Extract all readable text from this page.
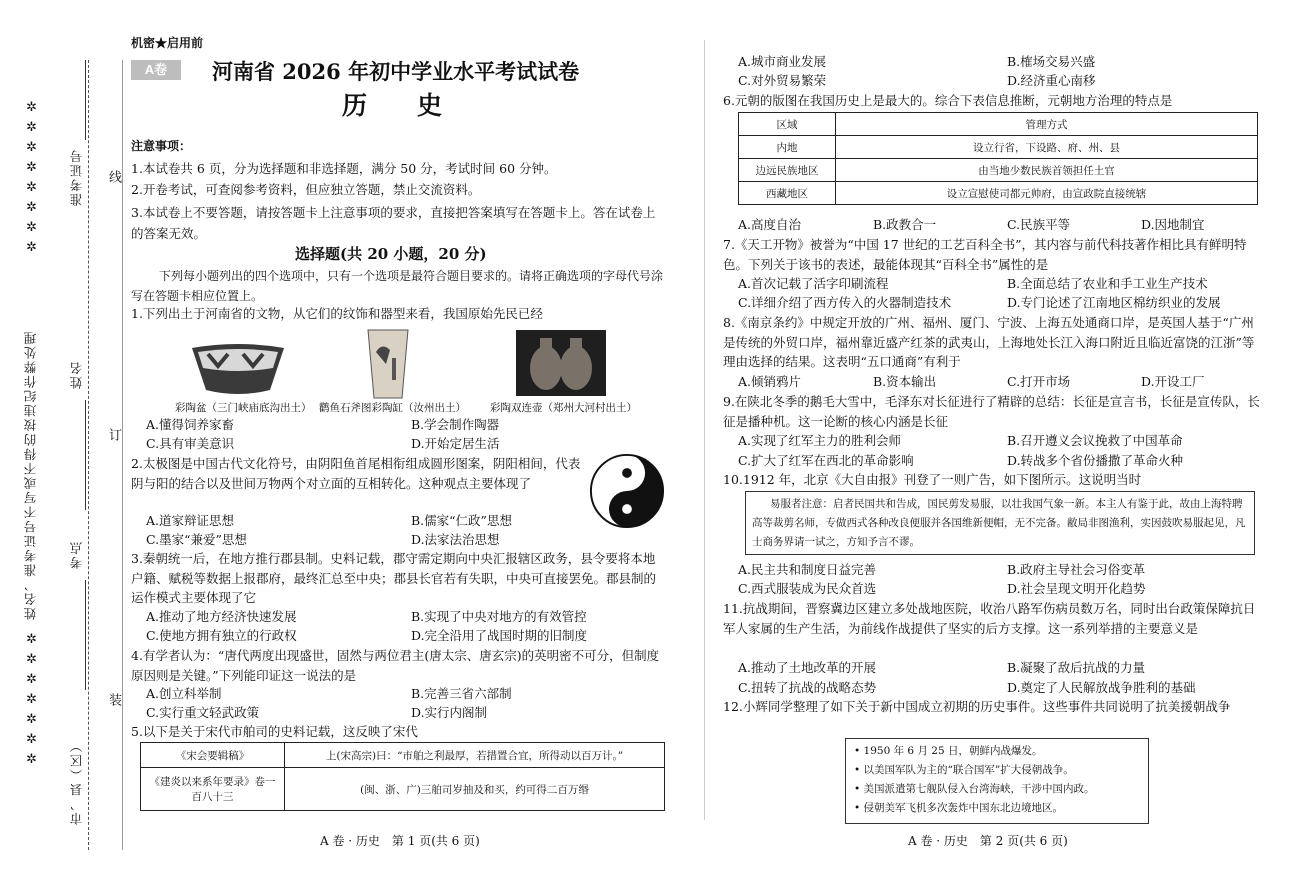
姓名、准考证号不写或不得的按违纪作弊处理
✲
✲
✲
✲
✲
✲
✲
✲
✲
✲
✲
✲
✲
✲
✲
准考证号 线
姓名
订
考点
装
市、县（区）
机密★启用前
A卷	河南省 2026 年初中学业水平考试试卷
历　　史
注意事项：
1.本试卷共 6 页，分为选择题和非选择题，满分 50 分，考试时间 60 分钟。
2.开卷考试，可查阅参考资料，但应独立答题，禁止交流资料。
3.本试卷上不要答题，请按答题卡上注意事项的要求，直接把答案填写在答题卡上。答在试卷上的答案无效。
选择题(共 20 小题，20 分)
下列每小题列出的四个选项中，只有一个选项是最符合题目要求的。请将正确选项的字母代号涂写在答题卡相应位置上。
1.下列出土于河南省的文物，从它们的纹饰和器型来看，我国原始先民已经
彩陶盆（三门峡庙底沟出土） 鹳鱼石斧图彩陶缸（汝州出土） 彩陶双连壶（郑州大河村出土）
A.懂得饲养家畜	B.学会制作陶器
C.具有审美意识	D.开始定居生活
2.太极图是中国古代文化符号，由阴阳鱼首尾相衔组成圆形图案，阴阳相间，代表阴与阳的结合以及世间万物两个对立面的互相转化。这种观点主要体现了
A.道家辩证思想	B.儒家“仁政”思想
C.墨家“兼爱”思想	D.法家法治思想
3.秦朝统一后，在地方推行郡县制。史料记载，郡守需定期向中央汇报辖区政务，县令要将本地户籍、赋税等数据上报郡府，最终汇总至中央；郡县长官若有失职，中央可直接罢免。郡县制的运作模式主要体现了它
A.推动了地方经济快速发展	B.实现了中央对地方的有效管控
C.使地方拥有独立的行政权	D.完全沿用了战国时期的旧制度
4.有学者认为：“唐代两度出现盛世，固然与两位君主(唐太宗、唐玄宗)的英明密不可分，但制度原因则是关键。”下列能印证这一说法的是
A.创立科举制	B.完善三省六部制
C.实行重文轻武政策	D.实行内阁制
5.以下是关于宋代市舶司的史料记载，这反映了宋代
《宋会要辑稿》	上(宋高宗)曰：“市舶之利最厚，若措置合宜，所得动以百万计。”
《建炎以来系年要录》卷一百八十三	(闽、浙、广)三舶司岁抽及和买，约可得二百万缗
A 卷 · 历史　第 1 页(共 6 页)
A.城市商业发展	B.榷场交易兴盛
C.对外贸易繁荣	D.经济重心南移
6.元朝的版图在我国历史上是最大的。综合下表信息推断，元朝地方治理的特点是
区域	管理方式
内地	设立行省，下设路、府、州、县
边远民族地区	由当地少数民族首领担任土官
西藏地区	设立宣慰使司都元帅府，由宣政院直接统辖
A.高度自治	B.政教合一	C.民族平等	D.因地制宜
7.《天工开物》被誉为“中国 17 世纪的工艺百科全书”，其内容与前代科技著作相比具有鲜明特色。下列关于该书的表述，最能体现其“百科全书”属性的是
A.首次记载了活字印刷流程	B.全面总结了农业和手工业生产技术
C.详细介绍了西方传入的火器制造技术	D.专门论述了江南地区棉纺织业的发展
8.《南京条约》中规定开放的广州、福州、厦门、宁波、上海五处通商口岸，是英国人基于“广州是传统的外贸口岸，福州靠近盛产红茶的武夷山，上海地处长江入海口附近且临近富饶的江浙”等理由选择的结果。这表明“五口通商”有利于
A.倾销鸦片	B.资本输出	C.打开市场	D.开设工厂
9.在陕北冬季的鹅毛大雪中，毛泽东对长征进行了精辟的总结：长征是宣言书，长征是宣传队，长征是播种机。这一论断的核心内涵是长征
A.实现了红军主力的胜利会师	B.召开遵义会议挽救了中国革命
C.扩大了红军在西北的革命影响	D.转战多个省份播撒了革命火种
10.1912 年，北京《大自由报》刊登了一则广告，如下图所示。这说明当时
易服者注意：启者民国共和告成，国民剪发易服，以壮我国气象一新。本主人有鉴于此，故由上海特聘高等裁剪名师，专做西式各种改良便服并各国维新便帽，无不完备。敝局非图渔利，实因鼓吹易服起见，凡士商务界请一试之，方知予言不谬。
A.民主共和制度日益完善	B.政府主导社会习俗变革
C.西式服装成为民众首选	D.社会呈现文明开化趋势
11.抗战期间，晋察冀边区建立多处战地医院，收治八路军伤病员数万名，同时出台政策保障抗日军人家属的生产生活，为前线作战提供了坚实的后方支撑。这一系列举措的主要意义是
A.推动了土地改革的开展	B.凝聚了敌后抗战的力量
C.扭转了抗战的战略态势	D.奠定了人民解放战争胜利的基础
12.小辉同学整理了如下关于新中国成立初期的历史事件。这些事件共同说明了抗美援朝战争
• 1950 年 6 月 25 日，朝鲜内战爆发。
• 以美国军队为主的“联合国军”扩大侵朝战争。
• 美国派遣第七舰队侵入台湾海峡，干涉中国内政。
• 侵朝美军飞机多次轰炸中国东北边境地区。
A 卷 · 历史　第 2 页(共 6 页)
